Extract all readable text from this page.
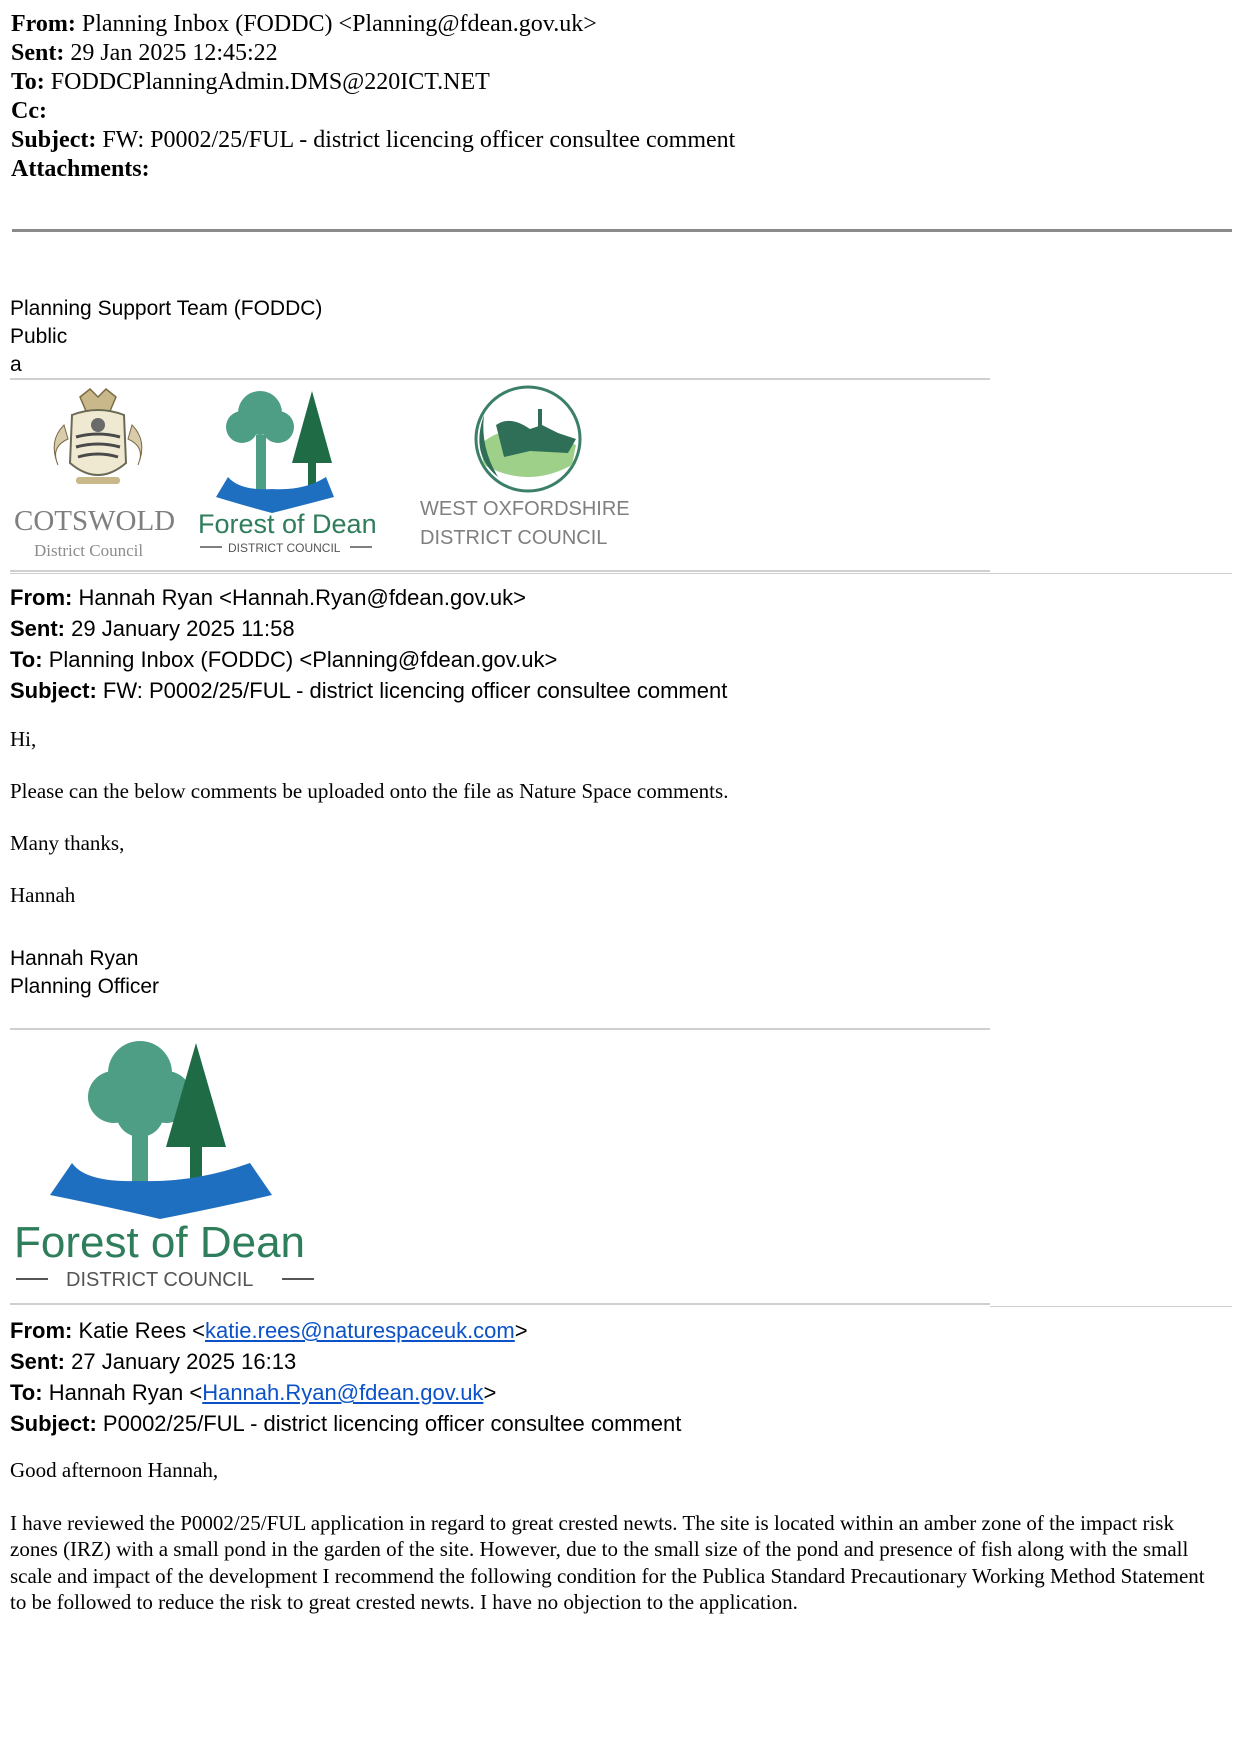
From: Planning Inbox (FODDC) <Planning@fdean.gov.uk>
Sent: 29 Jan 2025 12:45:22
To: FODDCPlanningAdmin.DMS@220ICT.NET
Cc:
Subject: FW: P0002/25/FUL - district licencing officer consultee comment
Attachments:
Planning Support Team (FODDC)
Public
a
COTSWOLD
District Council
Forest of Dean
DISTRICT COUNCIL
WEST OXFORDSHIRE
DISTRICT COUNCIL
From: Hannah Ryan <Hannah.Ryan@fdean.gov.uk>
Sent: 29 January 2025 11:58
To: Planning Inbox (FODDC) <Planning@fdean.gov.uk>
Subject: FW: P0002/25/FUL - district licencing officer consultee comment

Hi,

Please can the below comments be uploaded onto the file as Nature Space comments.

Many thanks,

Hannah

Hannah Ryan
Planning Officer
Forest of Dean
DISTRICT COUNCIL
From: Katie Rees <katie.rees@naturespaceuk.com>
Sent: 27 January 2025 16:13
To: Hannah Ryan <Hannah.Ryan@fdean.gov.uk>
Subject: P0002/25/FUL - district licencing officer consultee comment

Good afternoon Hannah,

I have reviewed the P0002/25/FUL application in regard to great crested newts. The site is located within an amber zone of the impact risk zones (IRZ) with a small pond in the garden of the site. However, due to the small size of the pond and presence of fish along with the small scale and impact of the development I recommend the following condition for the Publica Standard Precautionary Working Method Statement to be followed to reduce the risk to great crested newts. I have no objection to the application.
